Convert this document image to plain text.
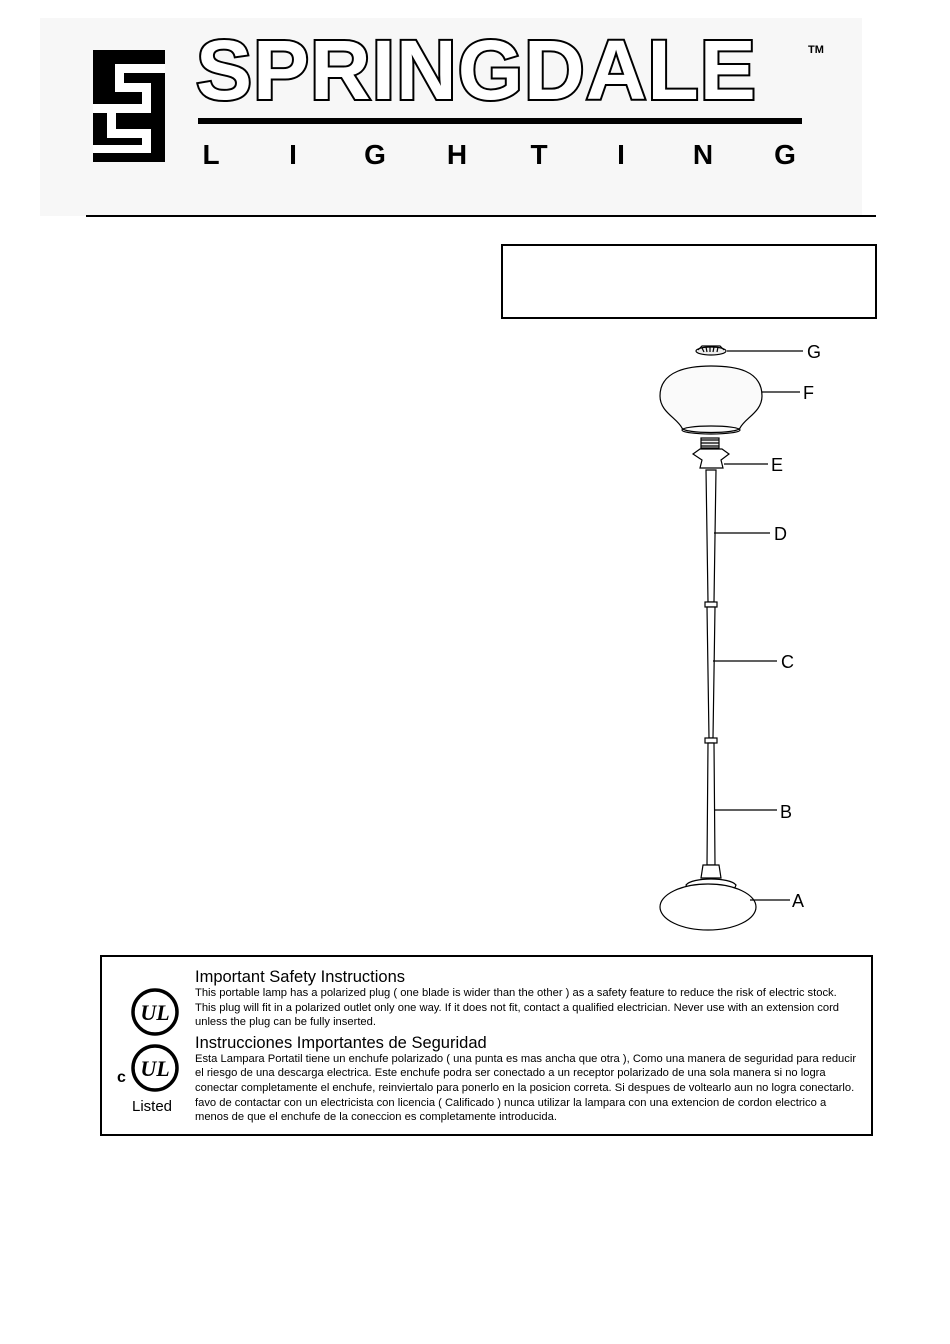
SPRINGDALE	TM
L	I	G H T	I	N G
G
F
E
D
C
B
A
UL
UL
c
Listed

Important Safety Instructions

This portable lamp has a polarized plug ( one blade is wider than the other ) as a safety feature to reduce the risk of electric stock. This plug will fit in a polarized outlet only one way. If it does not fit, contact a qualified electrician. Never use with an extension cord unless the plug can be fully inserted.

Instrucciones Importantes de Seguridad

Esta Lampara Portatil tiene un enchufe polarizado ( una punta es mas ancha que otra ), Como una manera de seguridad para reducir el riesgo de una descarga electrica. Este enchufe podra ser conectado a un receptor polarizado de una sola manera si no logra conectar completamente el enchufe, reinviertalo para ponerlo en la posicion correta. Si despues de voltearlo aun no logra conectarlo. favo de contactar con un electricista con licencia ( Calificado ) nunca utilizar la lampara con una extencion de cordon electrico a menos de que el enchufe de la coneccion es completamente introducida.
